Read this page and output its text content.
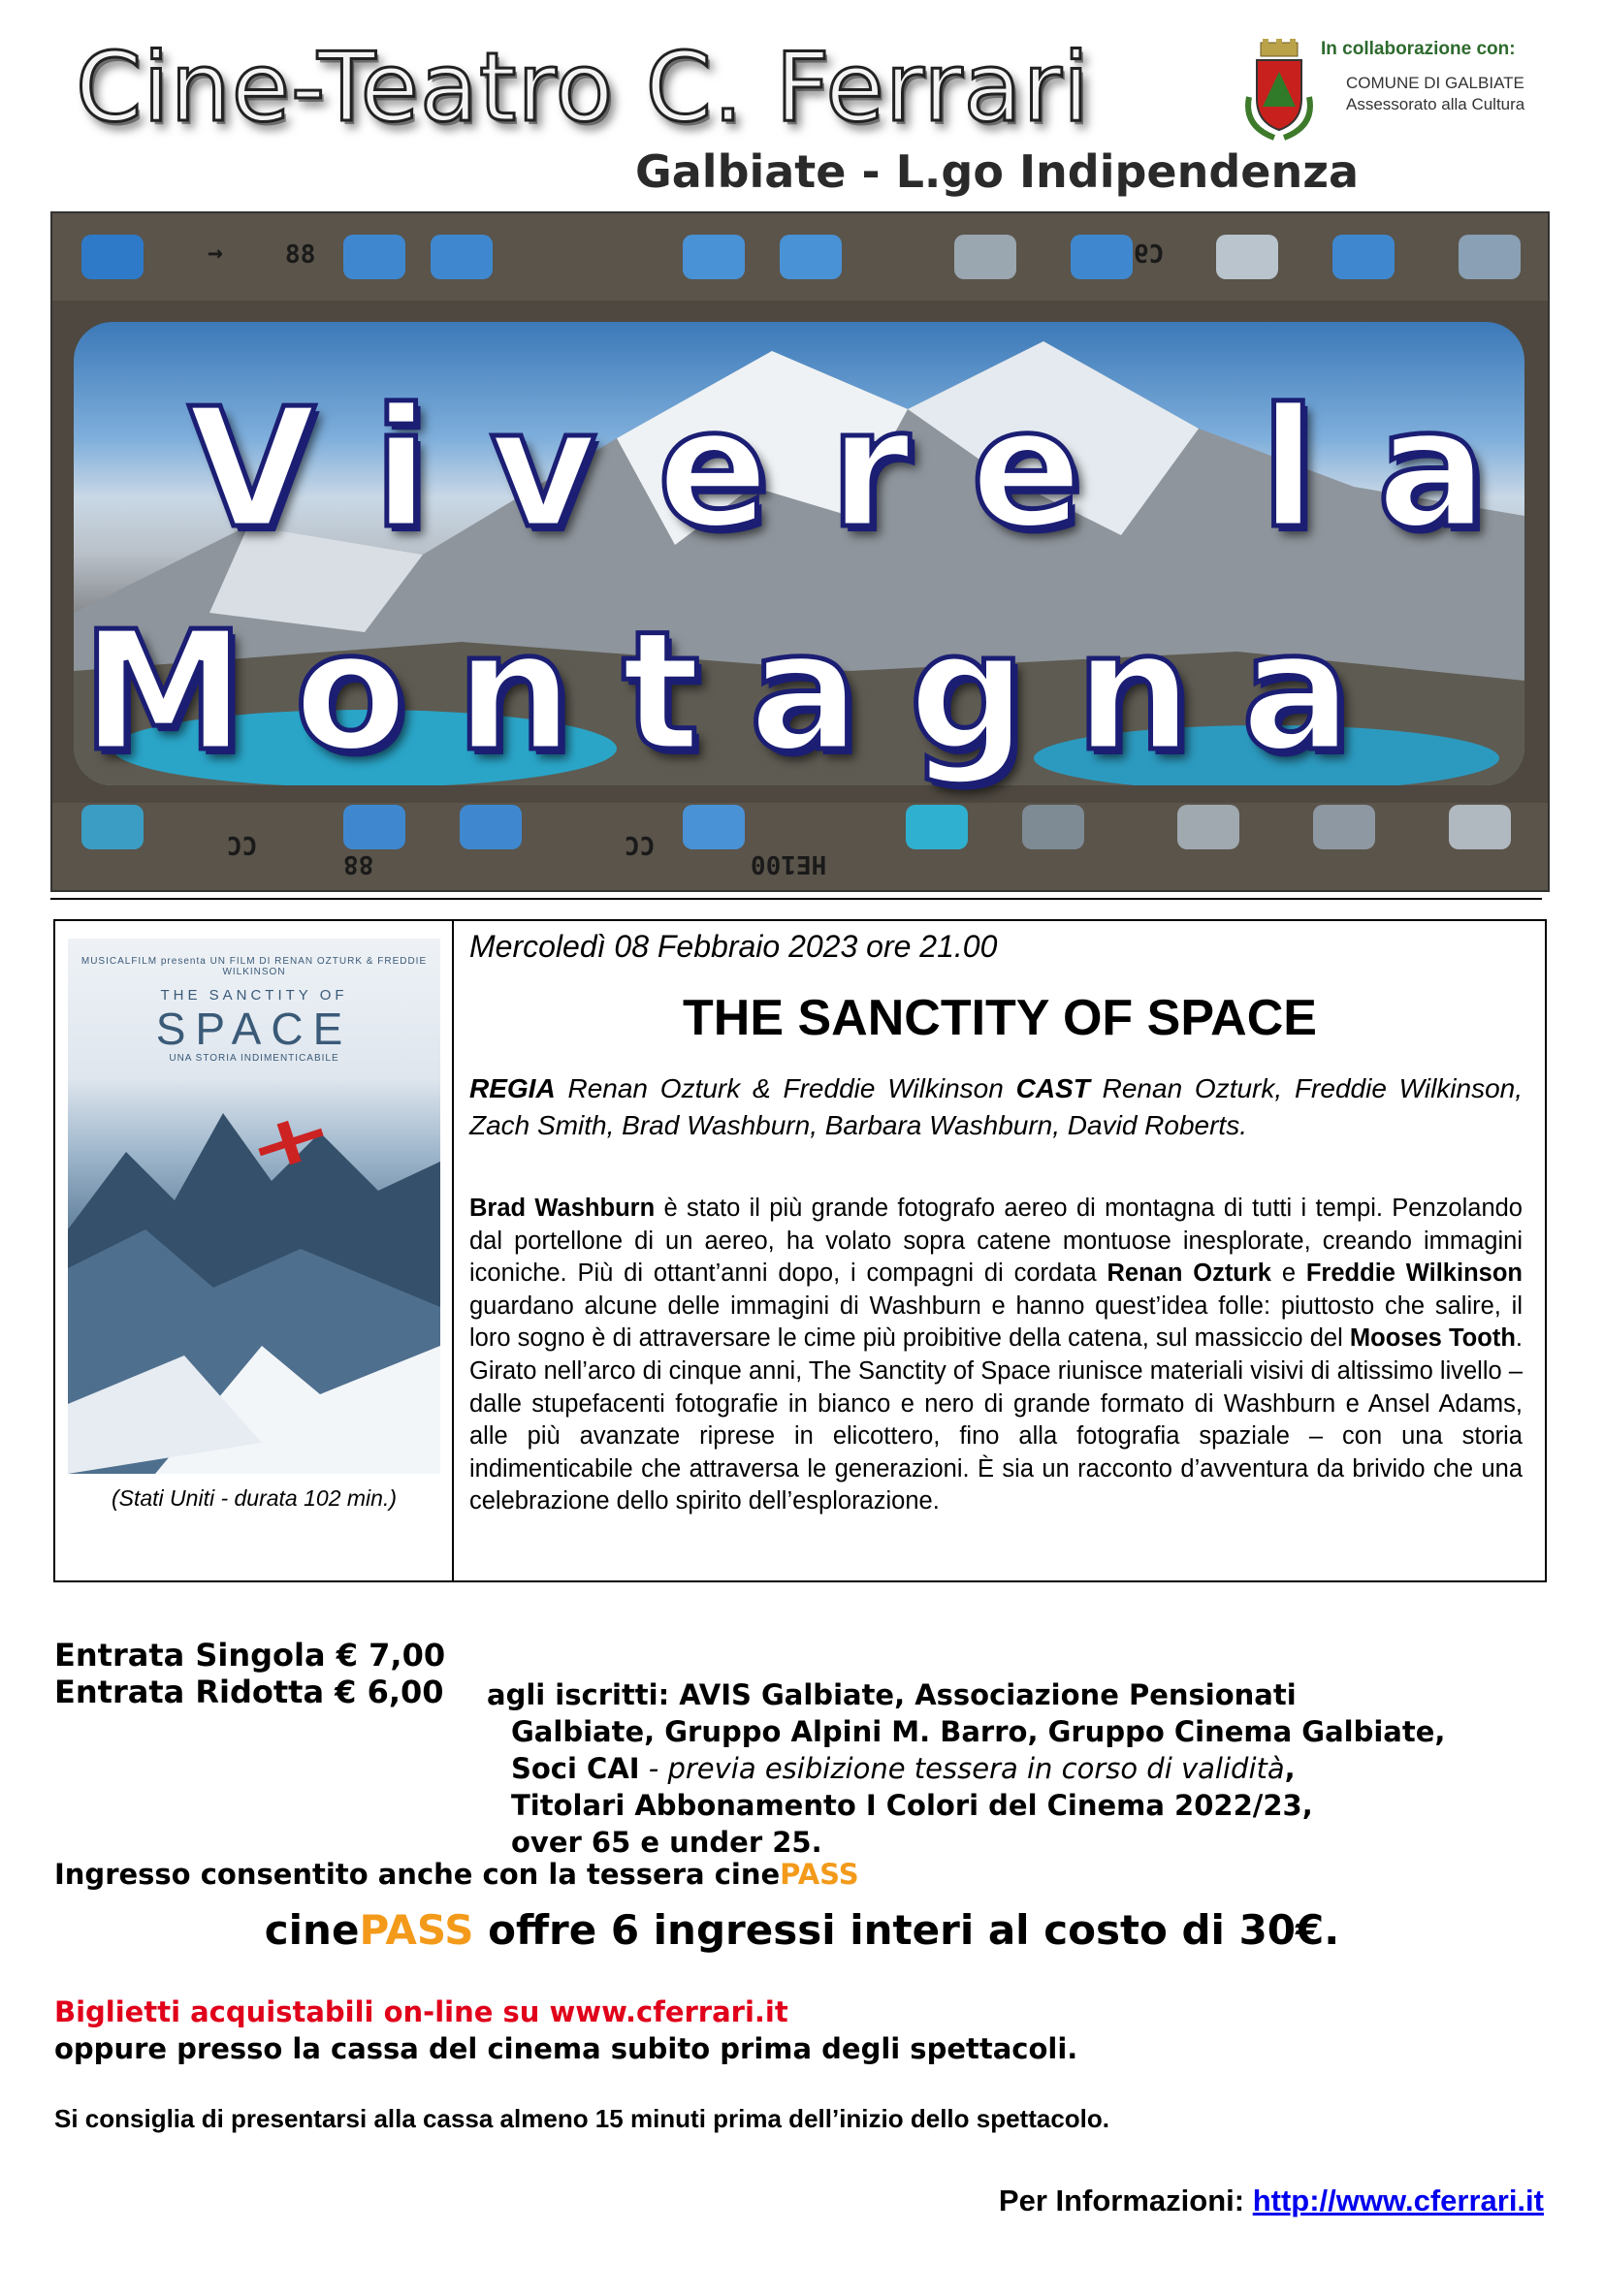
Cine-Teatro C. Ferrari
Galbiate - L.go Indipendenza
In collaborazione con:
COMUNE DI GALBIATE
Assessorato alla Cultura
→ 88	C9
CC
88
CC
HE100
Vivere la
Montagna
MUSICALFILM presenta UN FILM DI RENAN OZTURK & FREDDIE WILKINSON
THE SANCTITY OF
SPACE
UNA STORIA INDIMENTICABILE
(Stati Uniti - durata 102 min.)
Mercoledì 08 Febbraio 2023 ore 21.00
THE SANCTITY OF SPACE
REGIA Renan Ozturk & Freddie Wilkinson CAST Renan Ozturk, Freddie Wilkinson, Zach Smith, Brad Washburn, Barbara Washburn, David Roberts.
Brad Washburn è stato il più grande fotografo aereo di montagna di tutti i tempi. Penzolando dal portellone di un aereo, ha volato sopra catene montuose inesplorate, creando immagini iconiche. Più di ottant’anni dopo, i compagni di cordata Renan Ozturk e Freddie Wilkinson guardano alcune delle immagini di Washburn e hanno quest’idea folle: piuttosto che salire, il loro sogno è di attraversare le cime più proibitive della catena, sul massiccio del Mooses Tooth. Girato nell’arco di cinque anni, The Sanctity of Space riunisce materiali visivi di altissimo livello – dalle stupefacenti fotografie in bianco e nero di grande formato di Washburn e Ansel Adams, alle più avanzate riprese in elicottero, fino alla fotografia spaziale – con una storia indimenticabile che attraversa le generazioni. È sia un racconto d’avventura da brivido che una celebrazione dello spirito dell’esplorazione.
Entrata Singola € 7,00
Entrata Ridotta € 6,00 agli iscritti: AVIS Galbiate, Associazione Pensionati
Galbiate, Gruppo Alpini M. Barro, Gruppo Cinema Galbiate,
Soci CAI - previa esibizione tessera in corso di validità,
Titolari Abbonamento I Colori del Cinema 2022/23,
over 65 e under 25.
Ingresso consentito anche con la tessera cinePASS
cinePASS offre 6 ingressi interi al costo di 30€.
Biglietti acquistabili on-line su www.cferrari.it
oppure presso la cassa del cinema subito prima degli spettacoli.
Si consiglia di presentarsi alla cassa almeno 15 minuti prima dell’inizio dello spettacolo.
Per Informazioni: http://www.cferrari.it
